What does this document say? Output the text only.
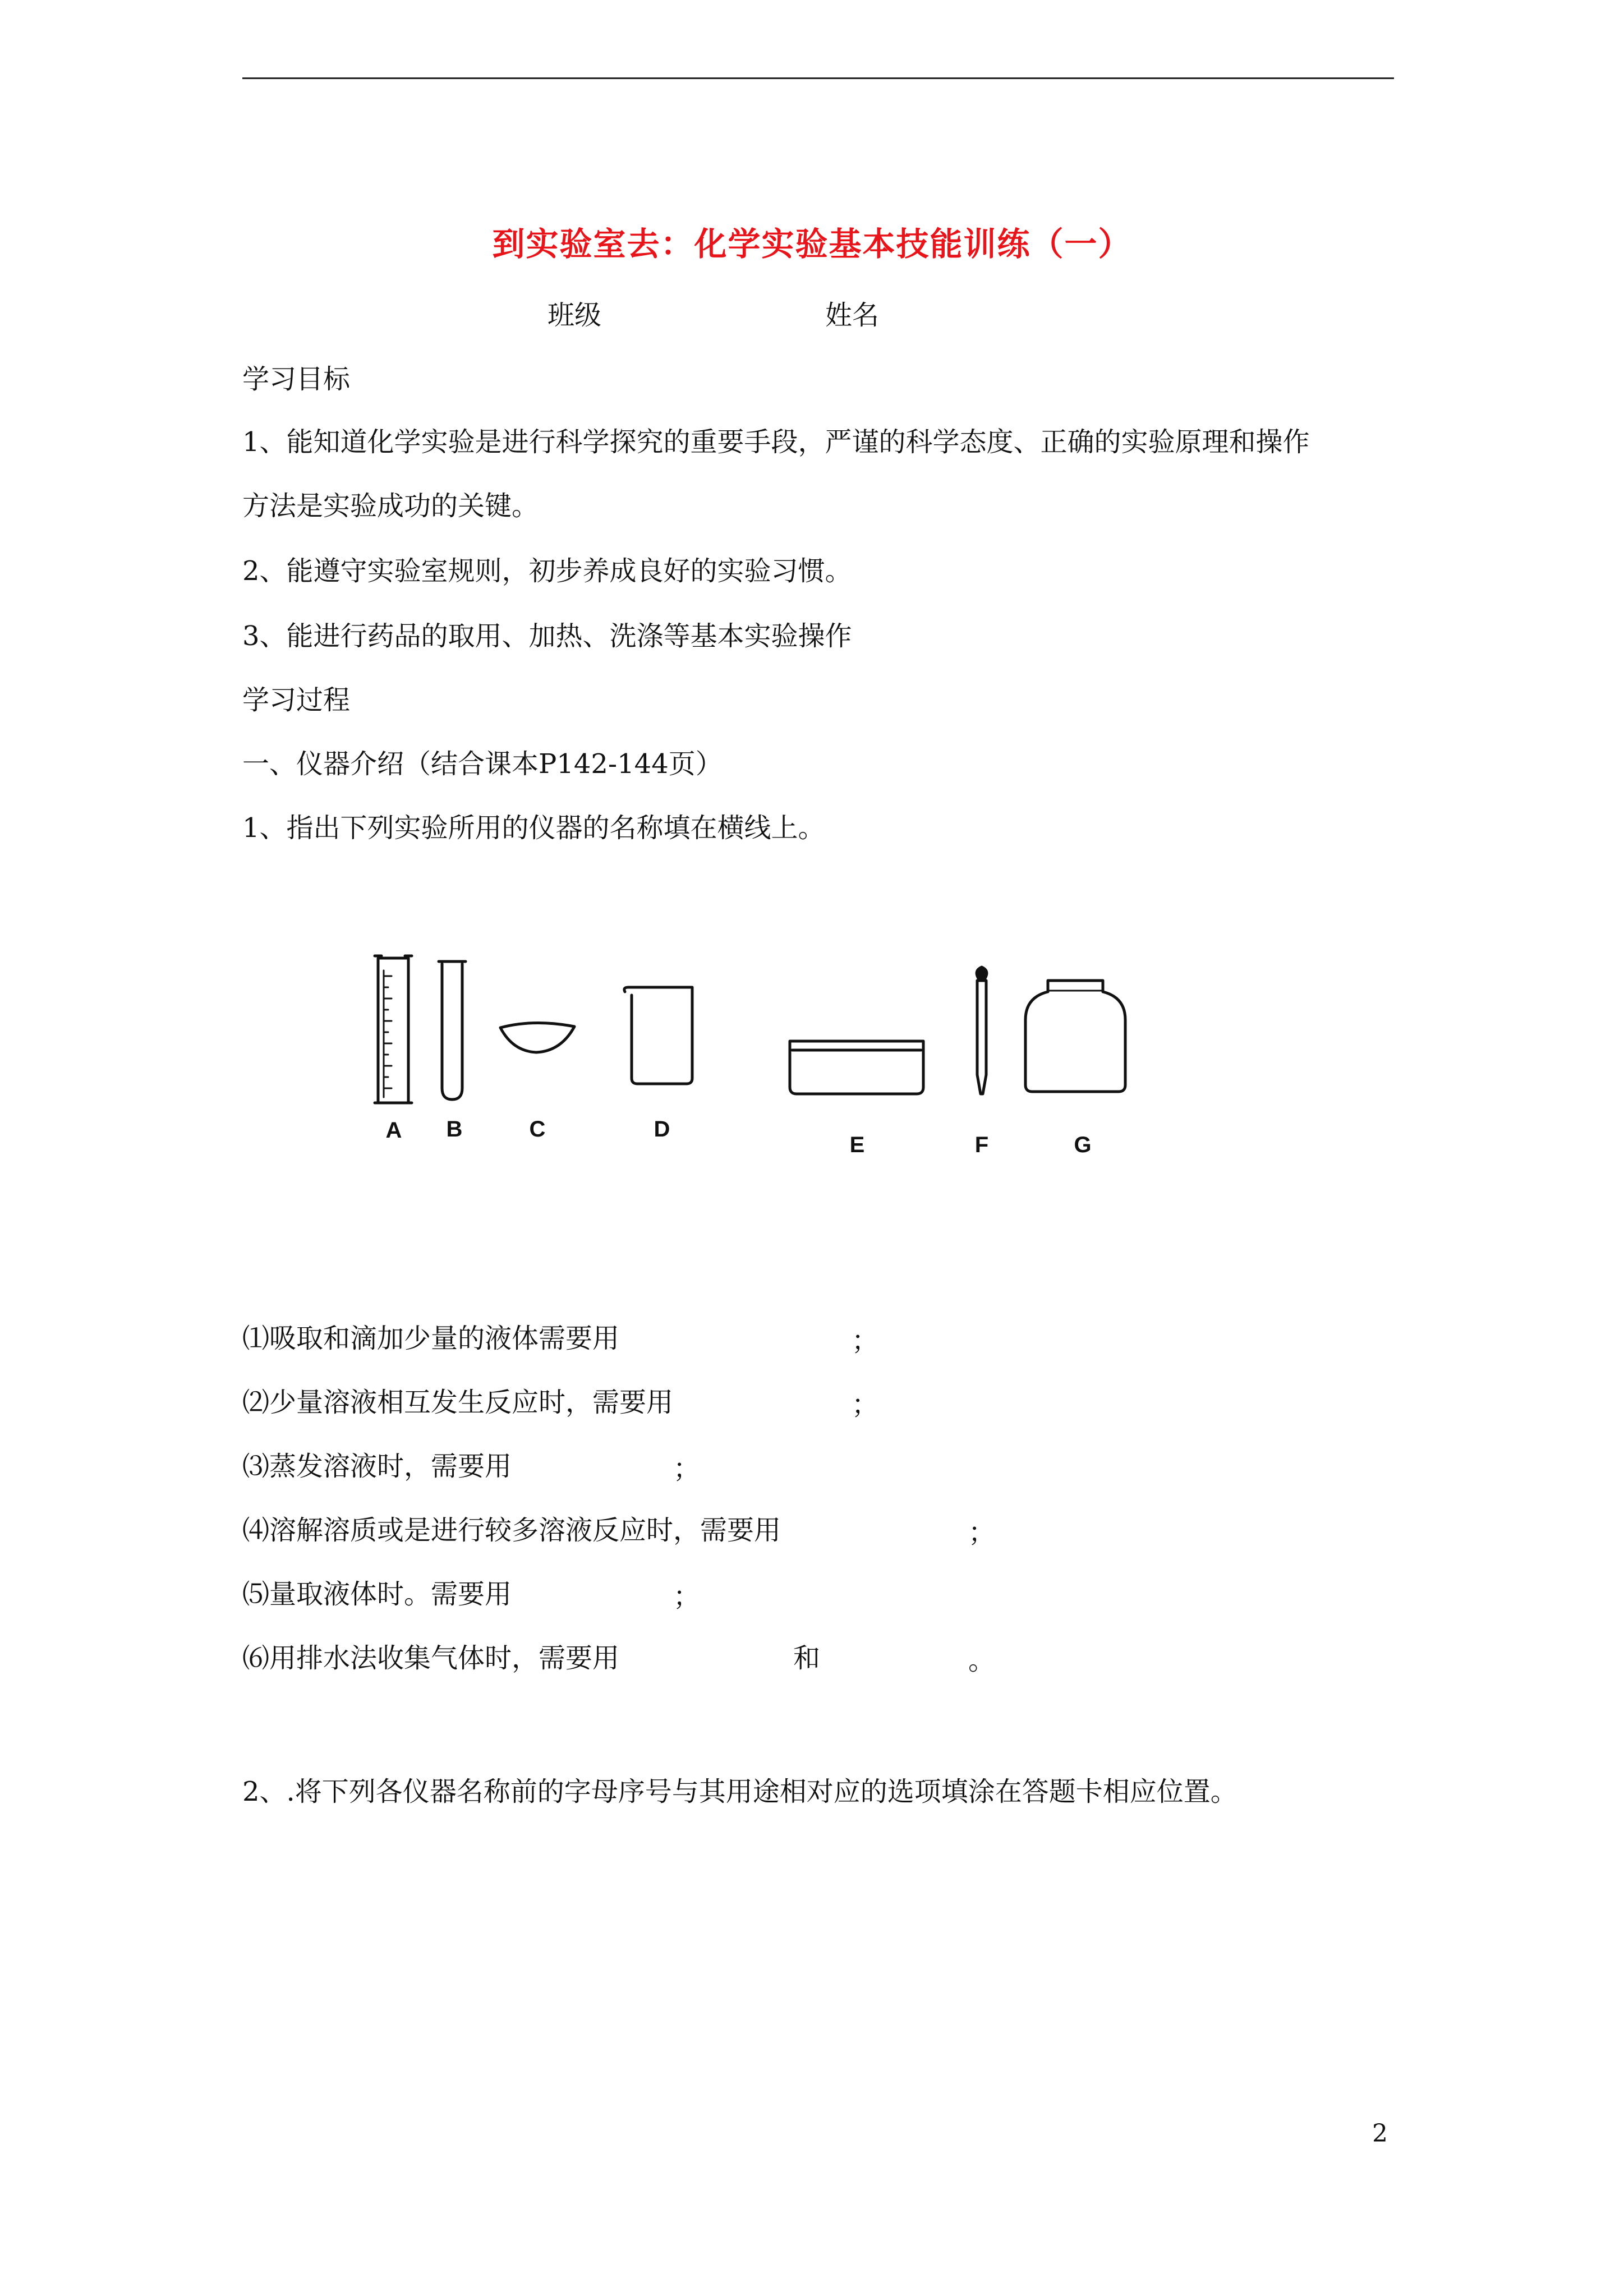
到实验室去：化学实验基本技能训练（一）
班级	姓名
学习目标
1、能知道化学实验是进行科学探究的重要手段，严谨的科学态度、正确的实验原理和操作
方法是实验成功的关键。
2、能遵守实验室规则，初步养成良好的实验习惯。
3、能进行药品的取用、加热、洗涤等基本实验操作
学习过程
一、仪器介绍（结合课本P142-144页）
1、指出下列实验所用的仪器的名称填在横线上。
A B	C	D
E	F	G
⑴吸取和滴加少量的液体需要用	；
⑵少量溶液相互发生反应时，需要用	；
⑶蒸发溶液时，需要用	；
⑷溶解溶质或是进行较多溶液反应时，需要用	；
⑸量取液体时。需要用	；
⑹用排水法收集气体时，需要用	和	。
2、.将下列各仪器名称前的字母序号与其用途相对应的选项填涂在答题卡相应位置。
2
